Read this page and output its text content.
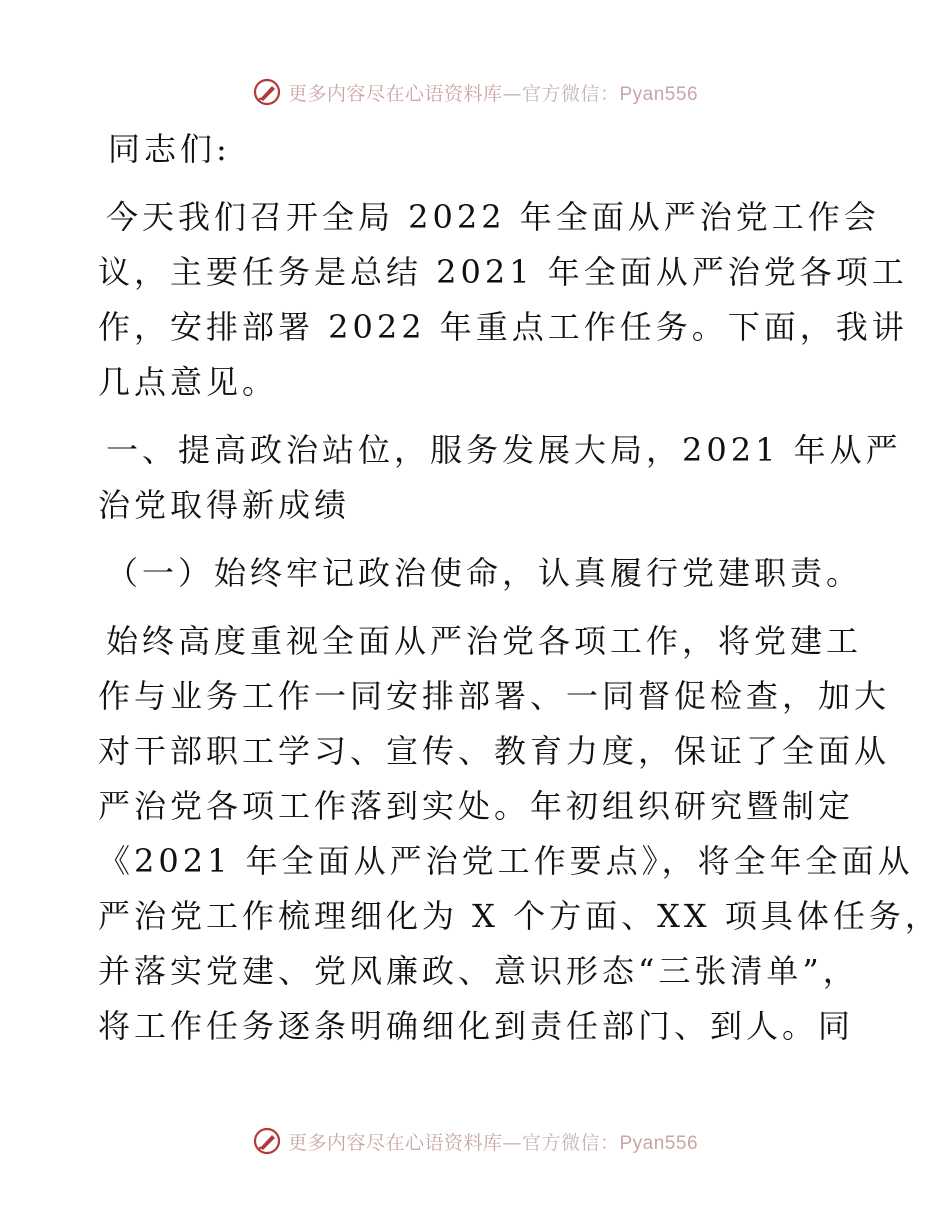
更多内容尽在心语资料库—官方微信：Pyan556
同志们:
今天我们召开全局 2022 年全面从严治党工作会
议，主要任务是总结 2021 年全面从严治党各项工
作，安排部署 2022 年重点工作任务。下面，我讲
几点意见。
一、提高政治站位，服务发展大局，2021 年从严
治党取得新成绩
（一）始终牢记政治使命，认真履行党建职责。
始终高度重视全面从严治党各项工作，将党建工
作与业务工作一同安排部署、一同督促检查，加大
对干部职工学习、宣传、教育力度，保证了全面从
严治党各项工作落到实处。年初组织研究暨制定
《2021 年全面从严治党工作要点》，将全年全面从
严治党工作梳理细化为 X 个方面、XX 项具体任务，
并落实党建、党风廉政、意识形态“三张清单”，
将工作任务逐条明确细化到责任部门、到人。同
更多内容尽在心语资料库—官方微信：Pyan556
